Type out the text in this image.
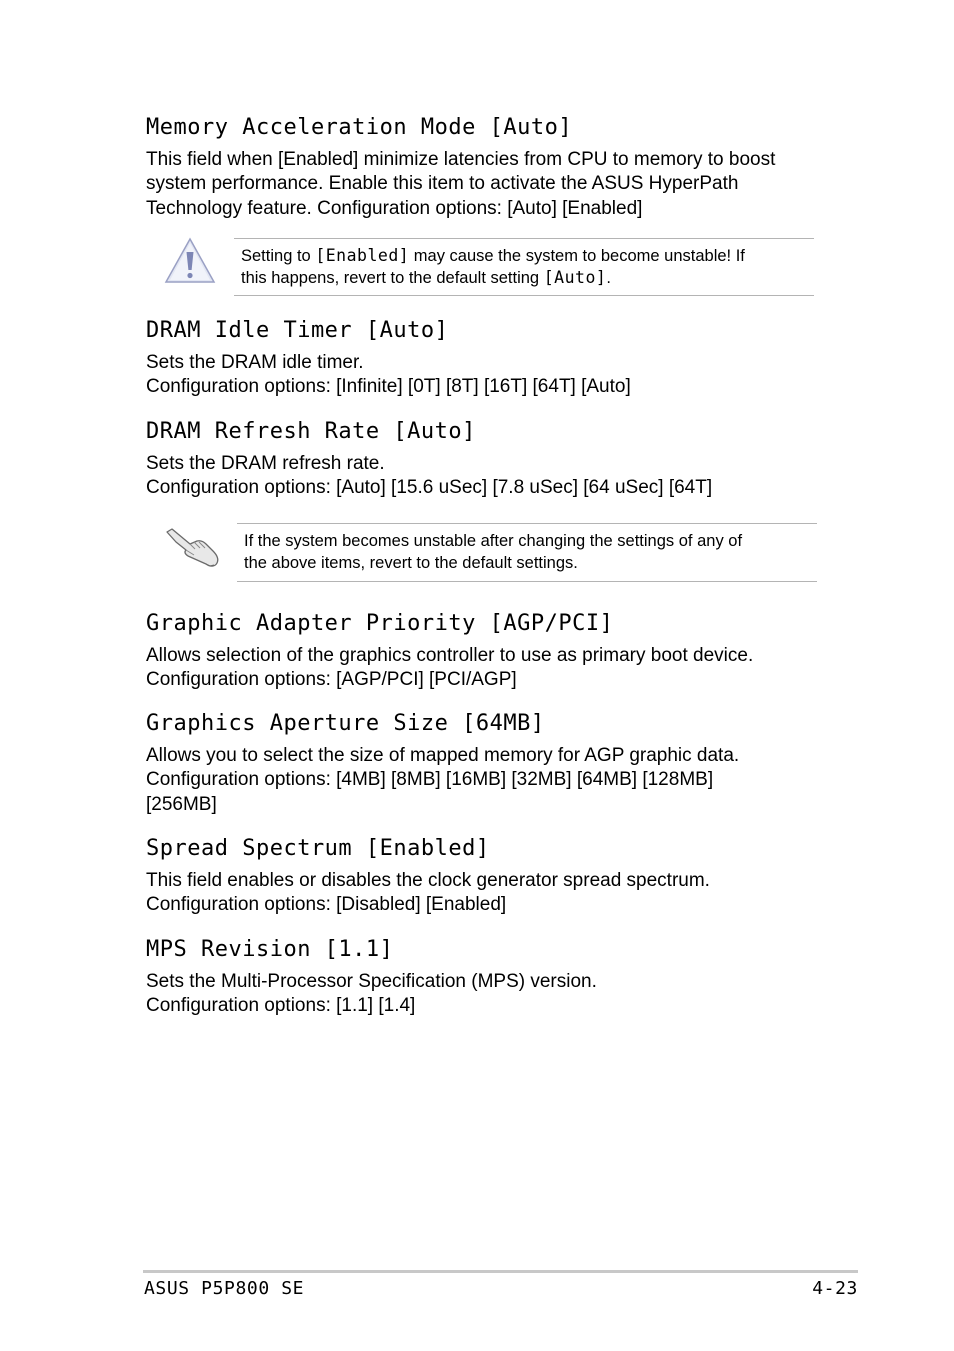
Memory Acceleration Mode [Auto]
This field when [Enabled] minimize latencies from CPU to memory to boost
system performance. Enable this item to activate the ASUS HyperPath
Technology feature. Configuration options: [Auto] [Enabled]
Setting to [Enabled] may cause the system to become unstable! If
this happens, revert to the default setting [Auto].
DRAM Idle Timer [Auto]
Sets the DRAM idle timer.
Configuration options: [Infinite] [0T] [8T] [16T] [64T] [Auto]
DRAM Refresh Rate [Auto]
Sets the DRAM refresh rate.
Configuration options: [Auto] [15.6 uSec] [7.8 uSec] [64 uSec] [64T]
If the system becomes unstable after changing the settings of any of
the above items, revert to the default settings.
Graphic Adapter Priority [AGP/PCI]
Allows selection of the graphics controller to use as primary boot device.
Configuration options: [AGP/PCI] [PCI/AGP]
Graphics Aperture Size [64MB]
Allows you to select the size of mapped memory for AGP graphic data.
Configuration options: [4MB] [8MB] [16MB] [32MB] [64MB] [128MB]
[256MB]
Spread Spectrum [Enabled]
This field enables or disables the clock generator spread spectrum.
Configuration options: [Disabled] [Enabled]
MPS Revision [1.1]
Sets the Multi-Processor Specification (MPS) version.
Configuration options: [1.1] [1.4]
ASUS P5P800 SE	4-23
